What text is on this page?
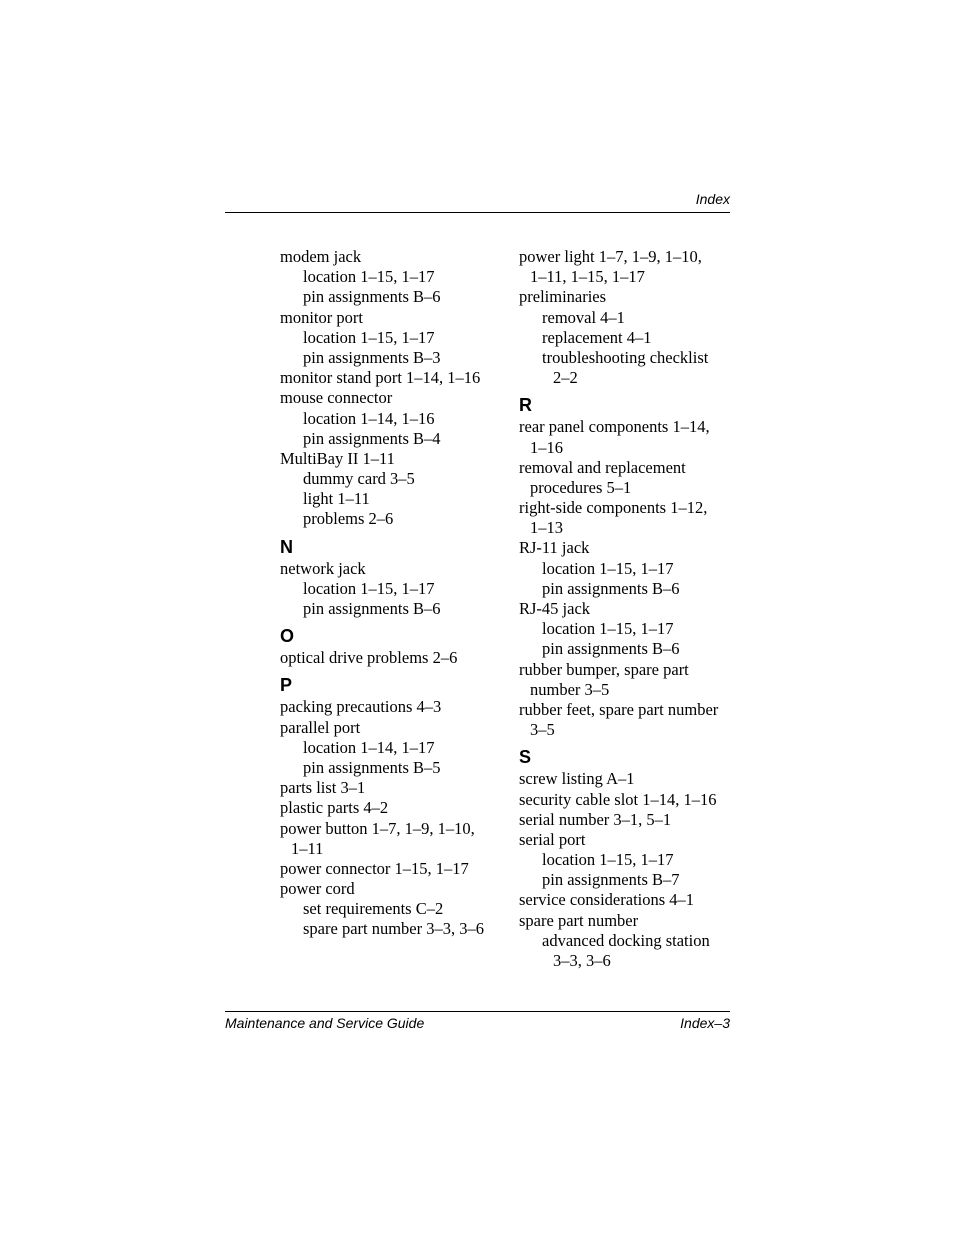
Index
modem jack
location 1–15, 1–17
pin assignments B–6
monitor port
location 1–15, 1–17
pin assignments B–3
monitor stand port 1–14, 1–16
mouse connector
location 1–14, 1–16
pin assignments B–4
MultiBay II 1–11
dummy card 3–5
light 1–11
problems 2–6
N
network jack
location 1–15, 1–17
pin assignments B–6
O
optical drive problems 2–6
P
packing precautions 4–3
parallel port
location 1–14, 1–17
pin assignments B–5
parts list 3–1
plastic parts 4–2
power button 1–7, 1–9, 1–10,
1–11
power connector 1–15, 1–17
power cord
set requirements C–2
spare part number 3–3, 3–6
power light 1–7, 1–9, 1–10,
1–11, 1–15, 1–17
preliminaries
removal 4–1
replacement 4–1
troubleshooting checklist
2–2
R
rear panel components 1–14,
1–16
removal and replacement
procedures 5–1
right-side components 1–12,
1–13
RJ-11 jack
location 1–15, 1–17
pin assignments B–6
RJ-45 jack
location 1–15, 1–17
pin assignments B–6
rubber bumper, spare part
number 3–5
rubber feet, spare part number
3–5
S
screw listing A–1
security cable slot 1–14, 1–16
serial number 3–1, 5–1
serial port
location 1–15, 1–17
pin assignments B–7
service considerations 4–1
spare part number
advanced docking station
3–3, 3–6
Maintenance and Service Guide	Index–3
